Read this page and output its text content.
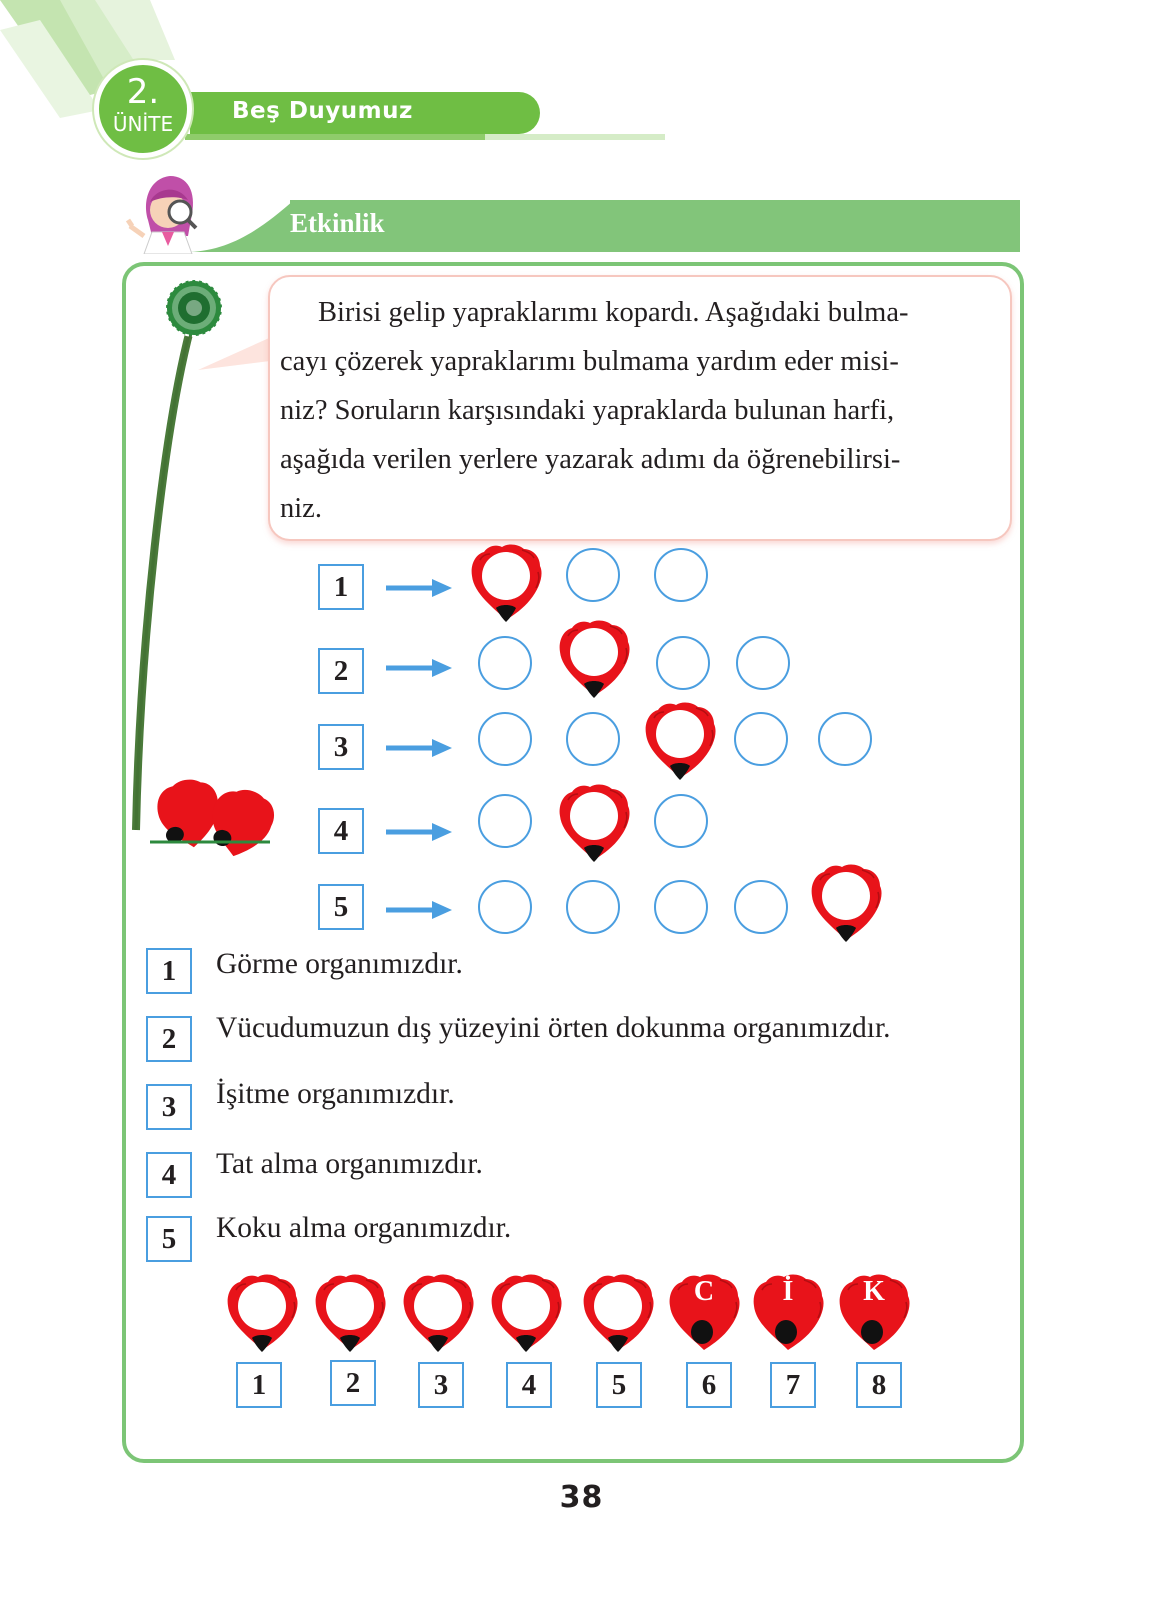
Beş Duyumuz
2.
ÜNİTE
Etkinlik

Birisi gelip yapraklarımı kopardı. Aşağıdaki bulma-
cayı çözerek yapraklarımı bulmama yardım eder misi-
niz? Soruların karşısındaki yapraklarda bulunan harfi,
aşağıda verilen yerlere yazarak adımı da öğrenebilirsi-
niz.

1
2
3
4
5
1	Görme organımızdır.
2	Vücudumuzun dış yüzeyini örten dokunma organımızdır.
3	İşitme organımızdır.
4	Tat alma organımızdır.
5	Koku alma organımızdır.
C	İ	K
1	2	3	4	5	6	7	8
38
